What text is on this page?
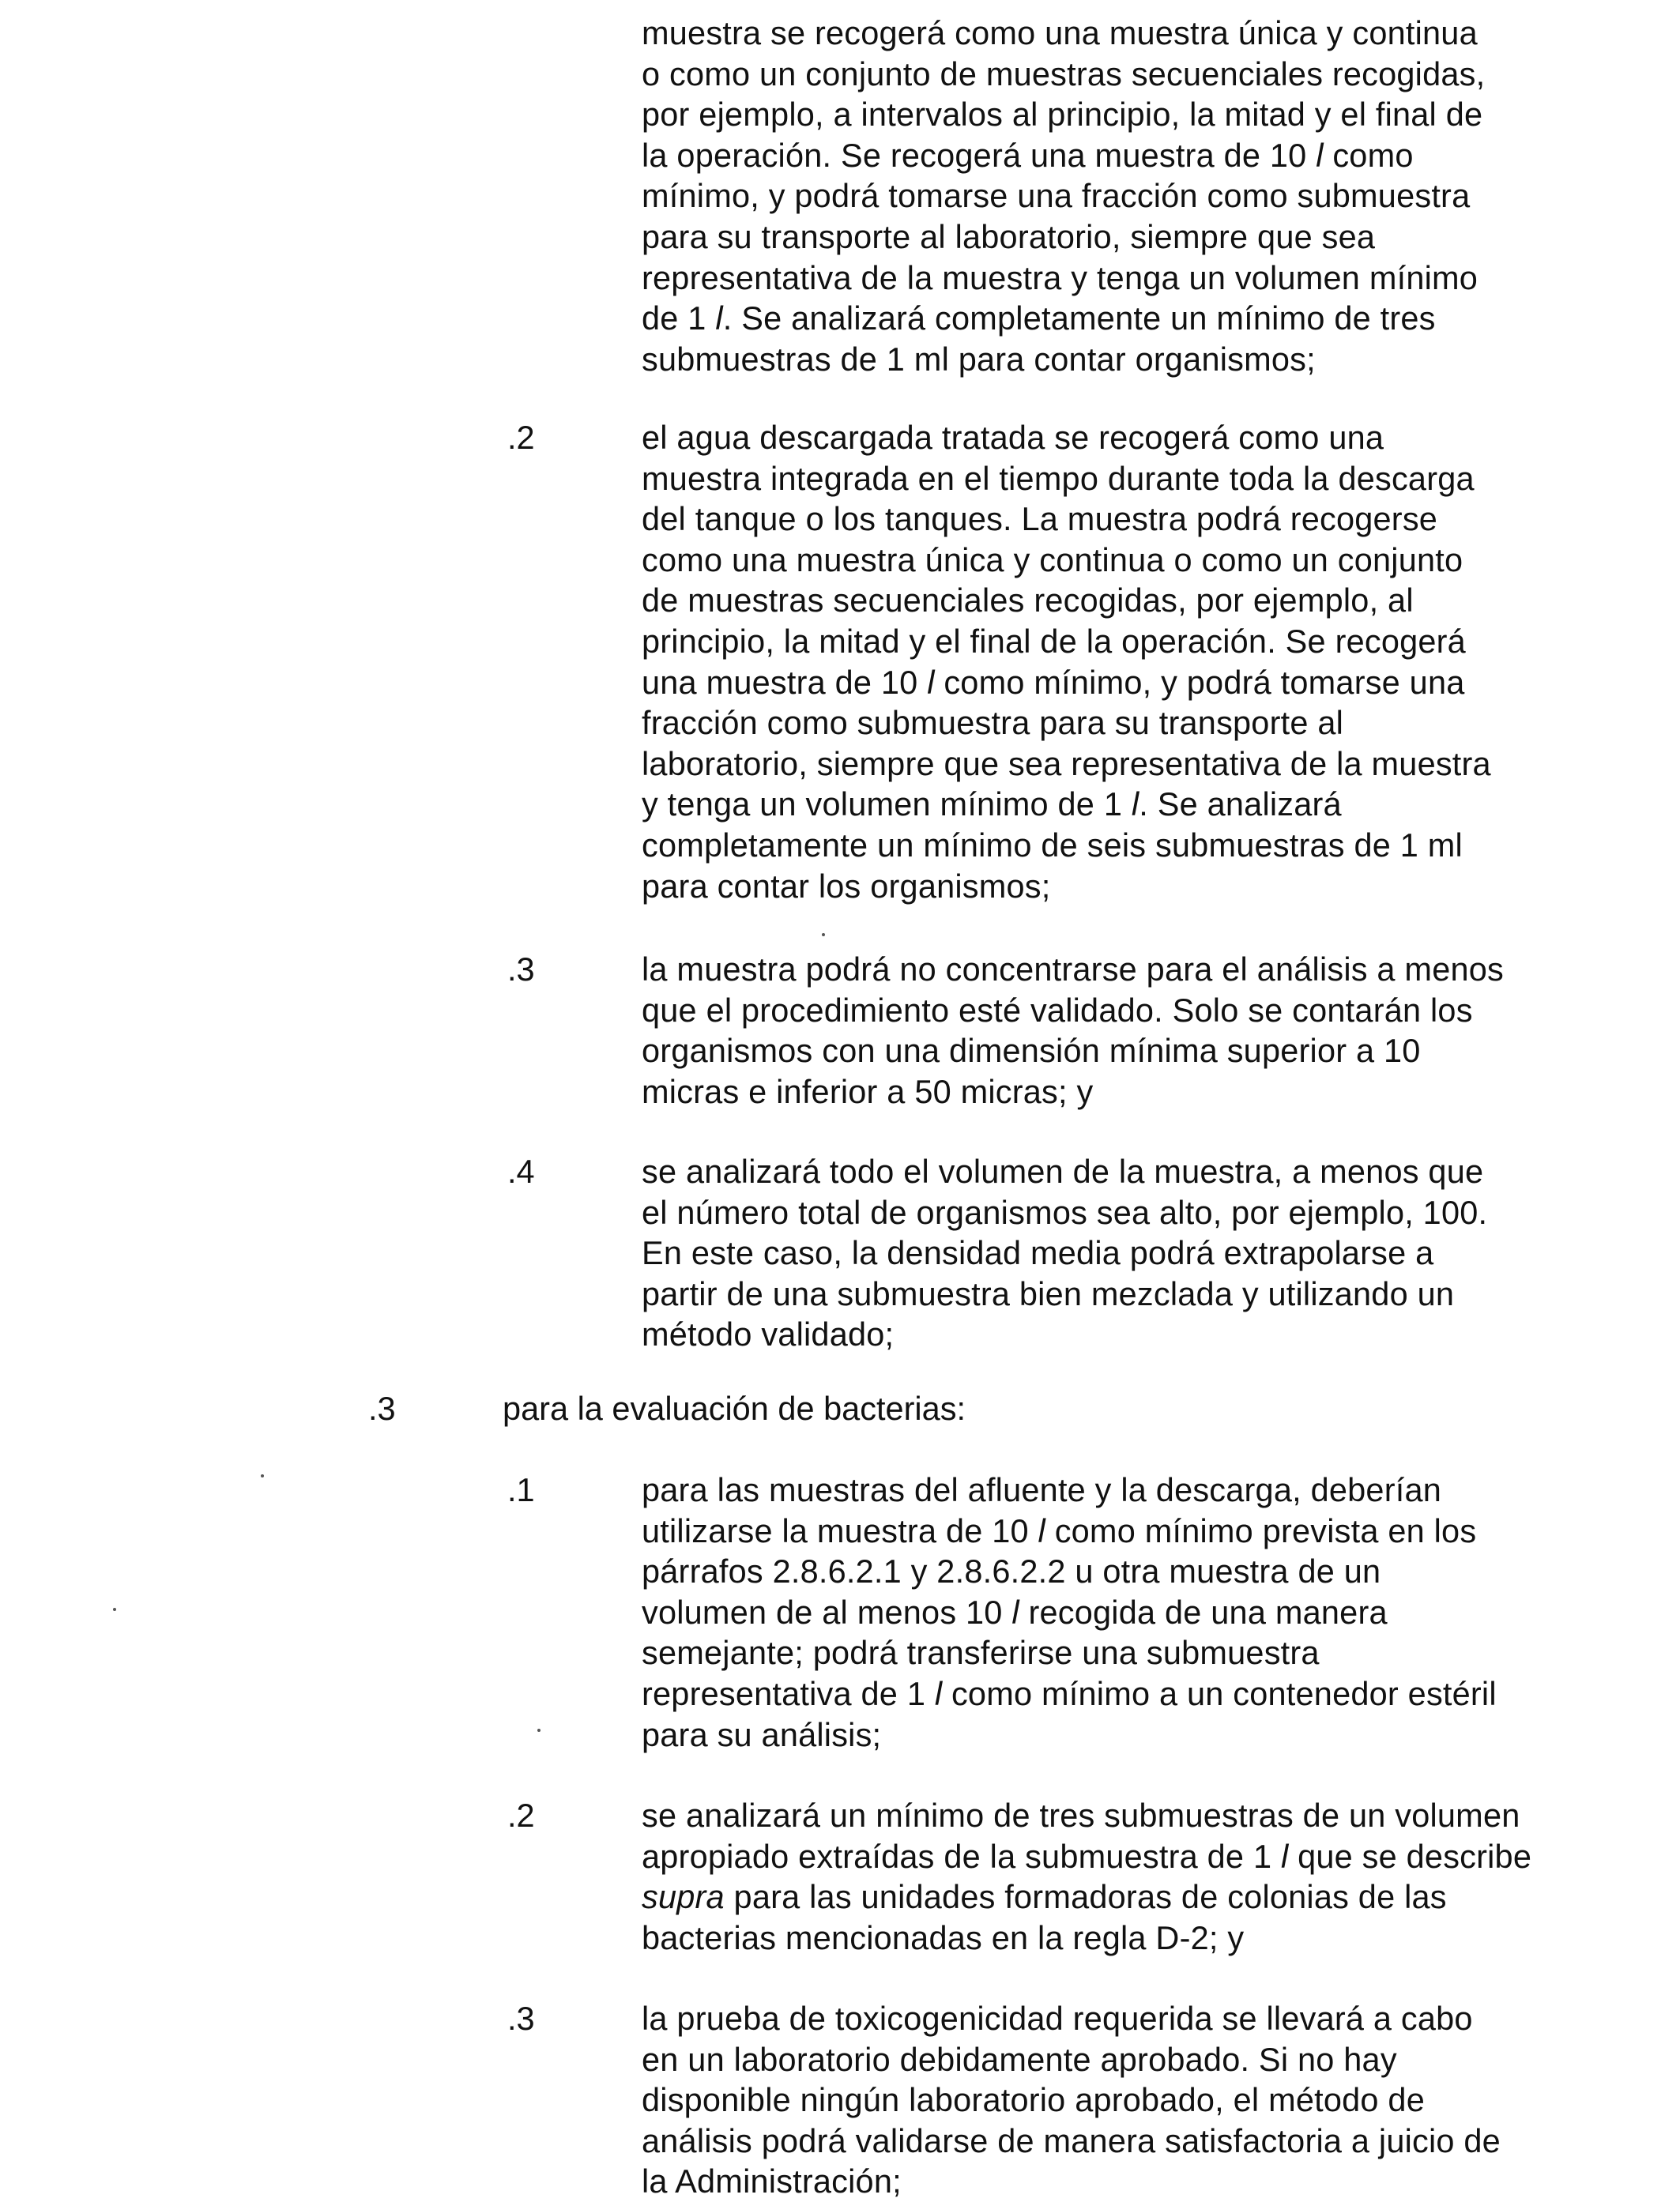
muestra se recogerá como una muestra única y continua
o como un conjunto de muestras secuenciales recogidas,
por ejemplo, a intervalos al principio, la mitad y el final de
la operación. Se recogerá una muestra de 10 l como
mínimo, y podrá tomarse una fracción como submuestra
para su transporte al laboratorio, siempre que sea
representativa de la muestra y tenga un volumen mínimo
de 1 l. Se analizará completamente un mínimo de tres
submuestras de 1 ml para contar organismos;
.2	el agua descargada tratada se recogerá como una
muestra integrada en el tiempo durante toda la descarga
del tanque o los tanques. La muestra podrá recogerse
como una muestra única y continua o como un conjunto
de muestras secuenciales recogidas, por ejemplo, al
principio, la mitad y el final de la operación. Se recogerá
una muestra de 10 l como mínimo, y podrá tomarse una
fracción como submuestra para su transporte al
laboratorio, siempre que sea representativa de la muestra
y tenga un volumen mínimo de 1 l. Se analizará
completamente un mínimo de seis submuestras de 1 ml
para contar los organismos;
.3	la muestra podrá no concentrarse para el análisis a menos
que el procedimiento esté validado. Solo se contarán los
organismos con una dimensión mínima superior a 10
micras e inferior a 50 micras; y
.4	se analizará todo el volumen de la muestra, a menos que
el número total de organismos sea alto, por ejemplo, 100.
En este caso, la densidad media podrá extrapolarse a
partir de una submuestra bien mezclada y utilizando un
método validado;
.3	para la evaluación de bacterias:
.1	para las muestras del afluente y la descarga, deberían
utilizarse la muestra de 10 l como mínimo prevista en los
párrafos 2.8.6.2.1 y 2.8.6.2.2 u otra muestra de un
volumen de al menos 10 l recogida de una manera
semejante; podrá transferirse una submuestra
representativa de 1 l como mínimo a un contenedor estéril
para su análisis;
.2	se analizará un mínimo de tres submuestras de un volumen
apropiado extraídas de la submuestra de 1 l que se describe
supra para las unidades formadoras de colonias de las
bacterias mencionadas en la regla D-2; y
.3	la prueba de toxicogenicidad requerida se llevará a cabo
en un laboratorio debidamente aprobado. Si no hay
disponible ningún laboratorio aprobado, el método de
análisis podrá validarse de manera satisfactoria a juicio de
la Administración;
